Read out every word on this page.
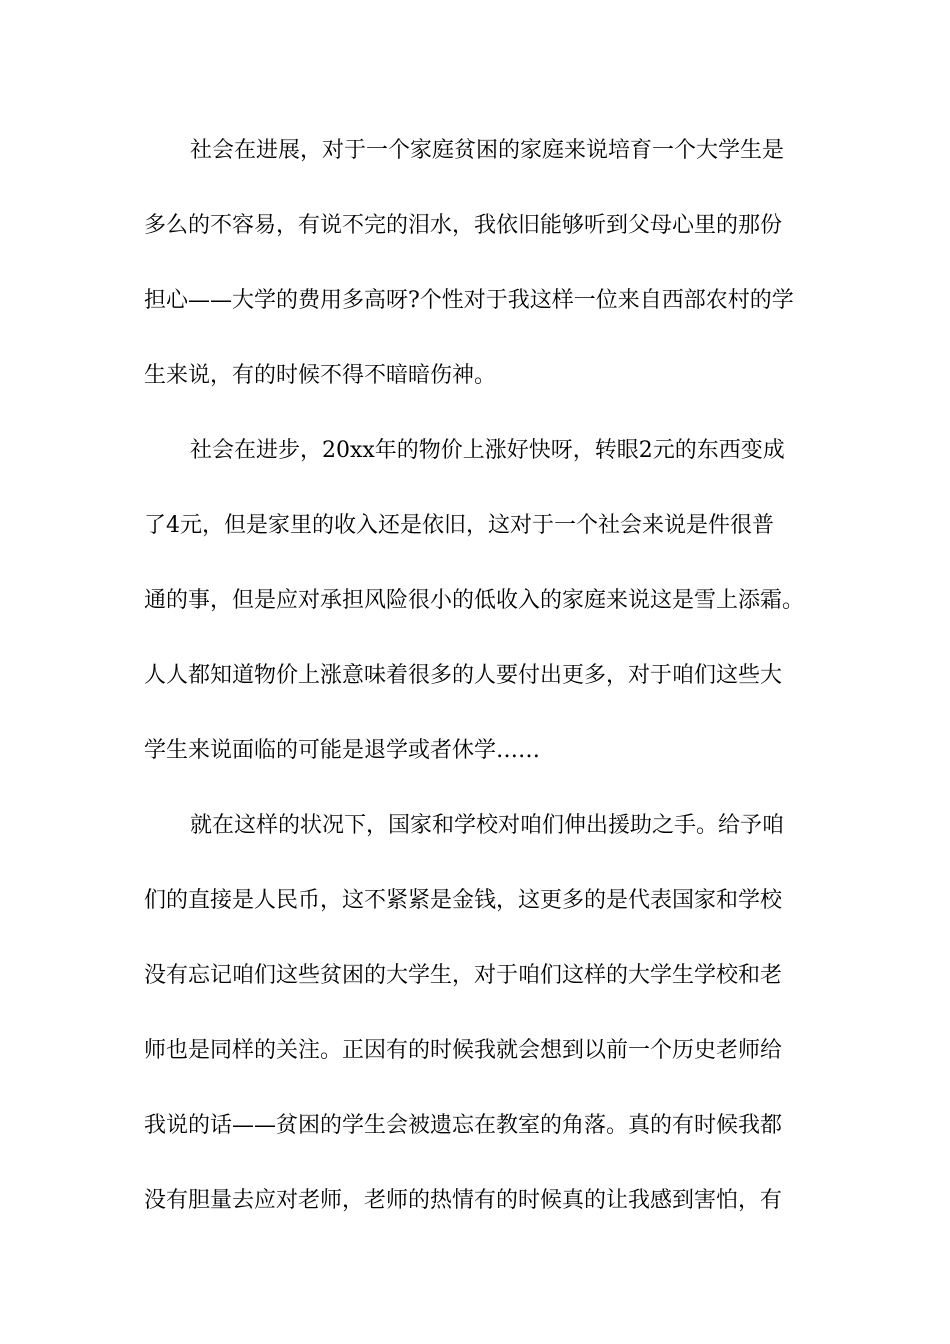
社会在进展，对于一个家庭贫困的家庭来说培育一个大学生是
多么的不容易，有说不完的泪水，我依旧能够听到父母心里的那份
担心——大学的费用多高呀?个性对于我这样一位来自西部农村的学
生来说，有的时候不得不暗暗伤神。
社会在进步，20xx年的物价上涨好快呀，转眼2元的东西变成
了4元，但是家里的收入还是依旧，这对于一个社会来说是件很普
通的事，但是应对承担风险很小的低收入的家庭来说这是雪上添霜。
人人都知道物价上涨意味着很多的人要付出更多，对于咱们这些大
学生来说面临的可能是退学或者休学……
就在这样的状况下，国家和学校对咱们伸出援助之手。给予咱
们的直接是人民币，这不紧紧是金钱，这更多的是代表国家和学校
没有忘记咱们这些贫困的大学生，对于咱们这样的大学生学校和老
师也是同样的关注。正因有的时候我就会想到以前一个历史老师给
我说的话——贫困的学生会被遗忘在教室的角落。真的有时候我都
没有胆量去应对老师，老师的热情有的时候真的让我感到害怕，有
